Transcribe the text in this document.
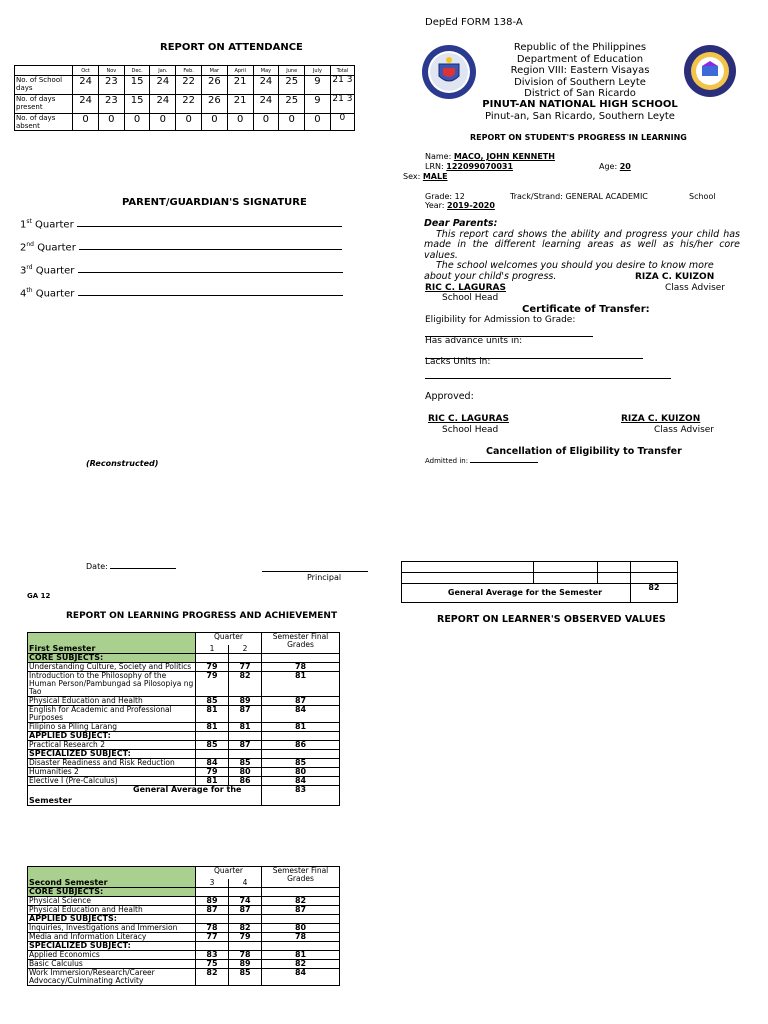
REPORT ON ATTENDANCE
	Oct	Nov	Dec.	Jan.	Feb.	Mar	April	May	June	July	Total
No. of School days	24	23	15	24	22	26	21	24	25	9	21 3
No. of days present	24	23	15	24	22	26	21	24	25	9	21 3
No. of days absent	0	0	0	0	0	0	0	0	0	0	0
PARENT/GUARDIAN'S SIGNATURE
1st Quarter
2nd Quarter
3rd Quarter
4th Quarter
(Reconstructed)
Date:
Principal
GA 12
REPORT ON LEARNING PROGRESS AND ACHIEVEMENT
First Semester	Quarter		Semester Final Grades
	1	2	
CORE SUBJECTS:			
Understanding Culture, Society and Politics	79	77	78
Introduction to the Philosophy of the Human Person/Pambungad sa Pilosopiya ng Tao	79	82	81
Physical Education and Health	85	89	87
English for Academic and Professional Purposes	81	87	84
Filipino sa Piling Larang	81	81	81
APPLIED SUBJECT:			
Practical Research 2	85	87	86
SPECIALIZED SUBJECT:			
Disaster Readiness and Risk Reduction	84	85	85
Humanities 2	79	80	80
Elective I (Pre-Calculus)	81	86	84

General Average for the
Semester			83
Second Semester	Quarter		Semester Final Grades
	3	4	
CORE SUBJECTS:			
Physical Science	89	74	82
Physical Education and Health	87	87	87
APPLIED SUBJECTS:			
Inquiries, Investigations and Immersion	78	82	80
Media and Information Literacy	77	79	78
SPECIALIZED SUBJECT:			
Applied Economics	83	78	81
Basic Calculus	75	89	82
Work Immersion/Research/Career Advocacy/Culminating Activity	82	85	84
DepEd FORM 138-A
Republic of the Philippines
Department of Education
Region VIII: Eastern Visayas
Division of Southern Leyte
District of San Ricardo
PINUT-AN NATIONAL HIGH SCHOOL
Pinut-an, San Ricardo, Southern Leyte
REPORT ON STUDENT'S PROGRESS IN LEARNING
Name: MACO, JOHN KENNETH
LRN: 122099070031	Age: 20
Sex: MALE
Grade: 12	Track/Strand: GENERAL ACADEMIC	School
Year: 2019-2020
Dear Parents:
This report card shows the ability and progress your child has made in the different learning areas as well as his/her core values.
The school welcomes you should you desire to know more about your child's progress.	RIZA C. KUIZON
Class Adviser
RIC C. LAGURAS
School Head
Certificate of Transfer:
Eligibility for Admission to Grade:
Has advance units in:
Lacks Units in:
Approved:
RIC C. LAGURAS
School Head
RIZA C. KUIZON
Class Adviser
Cancellation of Eligibility to Transfer
Admitted in:

General Average for the Semester			82
REPORT ON LEARNER'S OBSERVED VALUES
